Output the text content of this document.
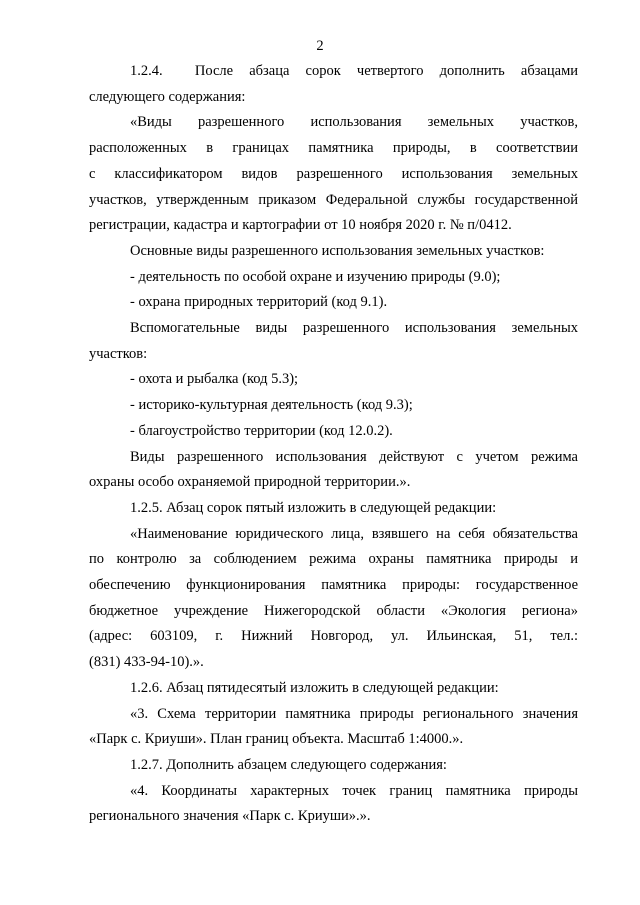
2
1.2.4.  После абзаца сорок четвертого дополнить абзацами
следующего содержания:
«Виды разрешенного использования земельных участков,
расположенных в границах памятника природы, в соответствии
с классификатором видов разрешенного использования земельных
участков, утвержденным приказом Федеральной службы государственной
регистрации, кадастра и картографии от 10 ноября 2020 г. № п/0412.
Основные виды разрешенного использования земельных участков:
- деятельность по особой охране и изучению природы (9.0);
- охрана природных территорий (код 9.1).
Вспомогательные виды разрешенного использования земельных
участков:
- охота и рыбалка (код 5.3);
- историко-культурная деятельность (код 9.3);
- благоустройство территории (код 12.0.2).
Виды разрешенного использования действуют с учетом режима
охраны особо охраняемой природной территории.».
1.2.5. Абзац сорок пятый изложить в следующей редакции:
«Наименование юридического лица, взявшего на себя обязательства
по контролю за соблюдением режима охраны памятника природы и
обеспечению функционирования памятника природы: государственное
бюджетное учреждение Нижегородской области «Экология региона»
(адрес: 603109, г. Нижний Новгород, ул. Ильинская, 51, тел.:
(831) 433-94-10).».
1.2.6. Абзац пятидесятый изложить в следующей редакции:
«3. Схема территории памятника природы регионального значения
«Парк с. Криуши». План границ объекта. Масштаб 1:4000.».
1.2.7. Дополнить абзацем следующего содержания:
«4. Координаты характерных точек границ памятника природы
регионального значения «Парк с. Криуши».».
